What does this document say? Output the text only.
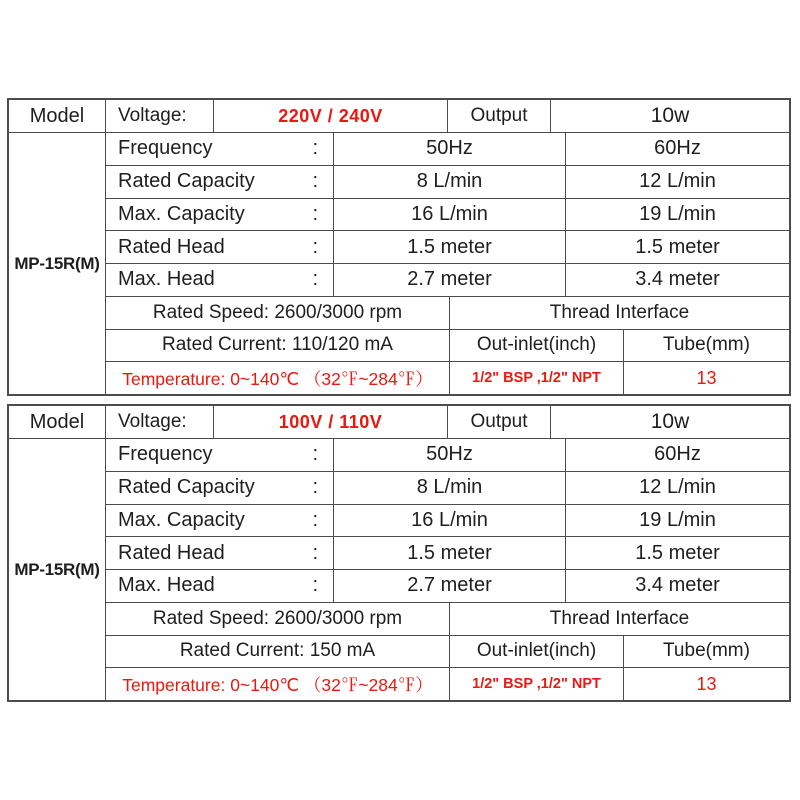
Model	Voltage:	220V / 240V	Output	10w
MP-15R(M)
Frequency	:	50Hz	60Hz
Rated Capacity	:	8 L/min	12 L/min
Max. Capacity	:	16 L/min	19 L/min
Rated Head	:	1.5 meter	1.5 meter
Max. Head	:	2.7 meter	3.4 meter
Rated Speed: 2600/3000 rpm	Thread Interface
Rated Current: 110/120 mA	Out-inlet(inch)	Tube(mm)
Temperature: 0~140℃ （32℉~284℉）	1/2" BSP ,1/2" NPT	13
Model	Voltage:	100V / 110V	Output	10w
MP-15R(M)
Frequency	:	50Hz	60Hz
Rated Capacity	:	8 L/min	12 L/min
Max. Capacity	:	16 L/min	19 L/min
Rated Head	:	1.5 meter	1.5 meter
Max. Head	:	2.7 meter	3.4 meter
Rated Speed: 2600/3000 rpm	Thread Interface
Rated Current: 150 mA	Out-inlet(inch)	Tube(mm)
Temperature: 0~140℃ （32℉~284℉）	1/2" BSP ,1/2" NPT	13
